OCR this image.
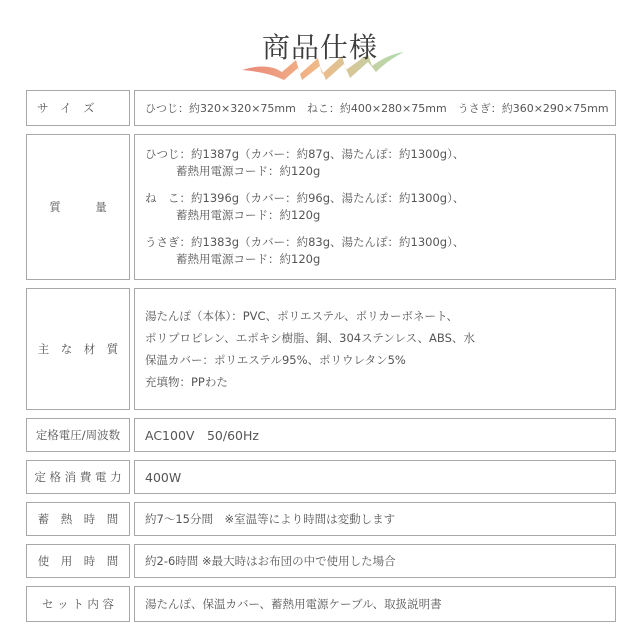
商品仕様
サ　イ　ズ	ひつじ：約320×320×75mm　ねこ：約400×280×75mm　うさぎ：約360×290×75mm
質　　　量
ひつじ：約1387g（カバー：約87g、湯たんぽ：約1300g）、
蓄熱用電源コード：約120g
ね　こ：約1396g（カバー：約96g、湯たんぽ：約1300g）、
蓄熱用電源コード：約120g
うさぎ：約1383g（カバー：約83g、湯たんぽ：約1300g）、
蓄熱用電源コード：約120g
主　な　材　質
湯たんぽ（本体）：PVC、ポリエステル、ポリカーボネート、
ポリプロピレン、エポキシ樹脂、銅、304ステンレス、ABS、水
保温カバー：ポリエステル95%、ポリウレタン5%
充填物：PPわた
定格電圧/周波数 AC100V　50/60Hz
定 格 消 費 電 力 400W
蓄　熱　時　間 約7～15分間　※室温等により時間は変動します
使　用　時　間 約2-6時間 ※最大時はお布団の中で使用した場合
セ ッ ト 内 容	湯たんぽ、保温カバー、蓄熱用電源ケーブル、取扱説明書
